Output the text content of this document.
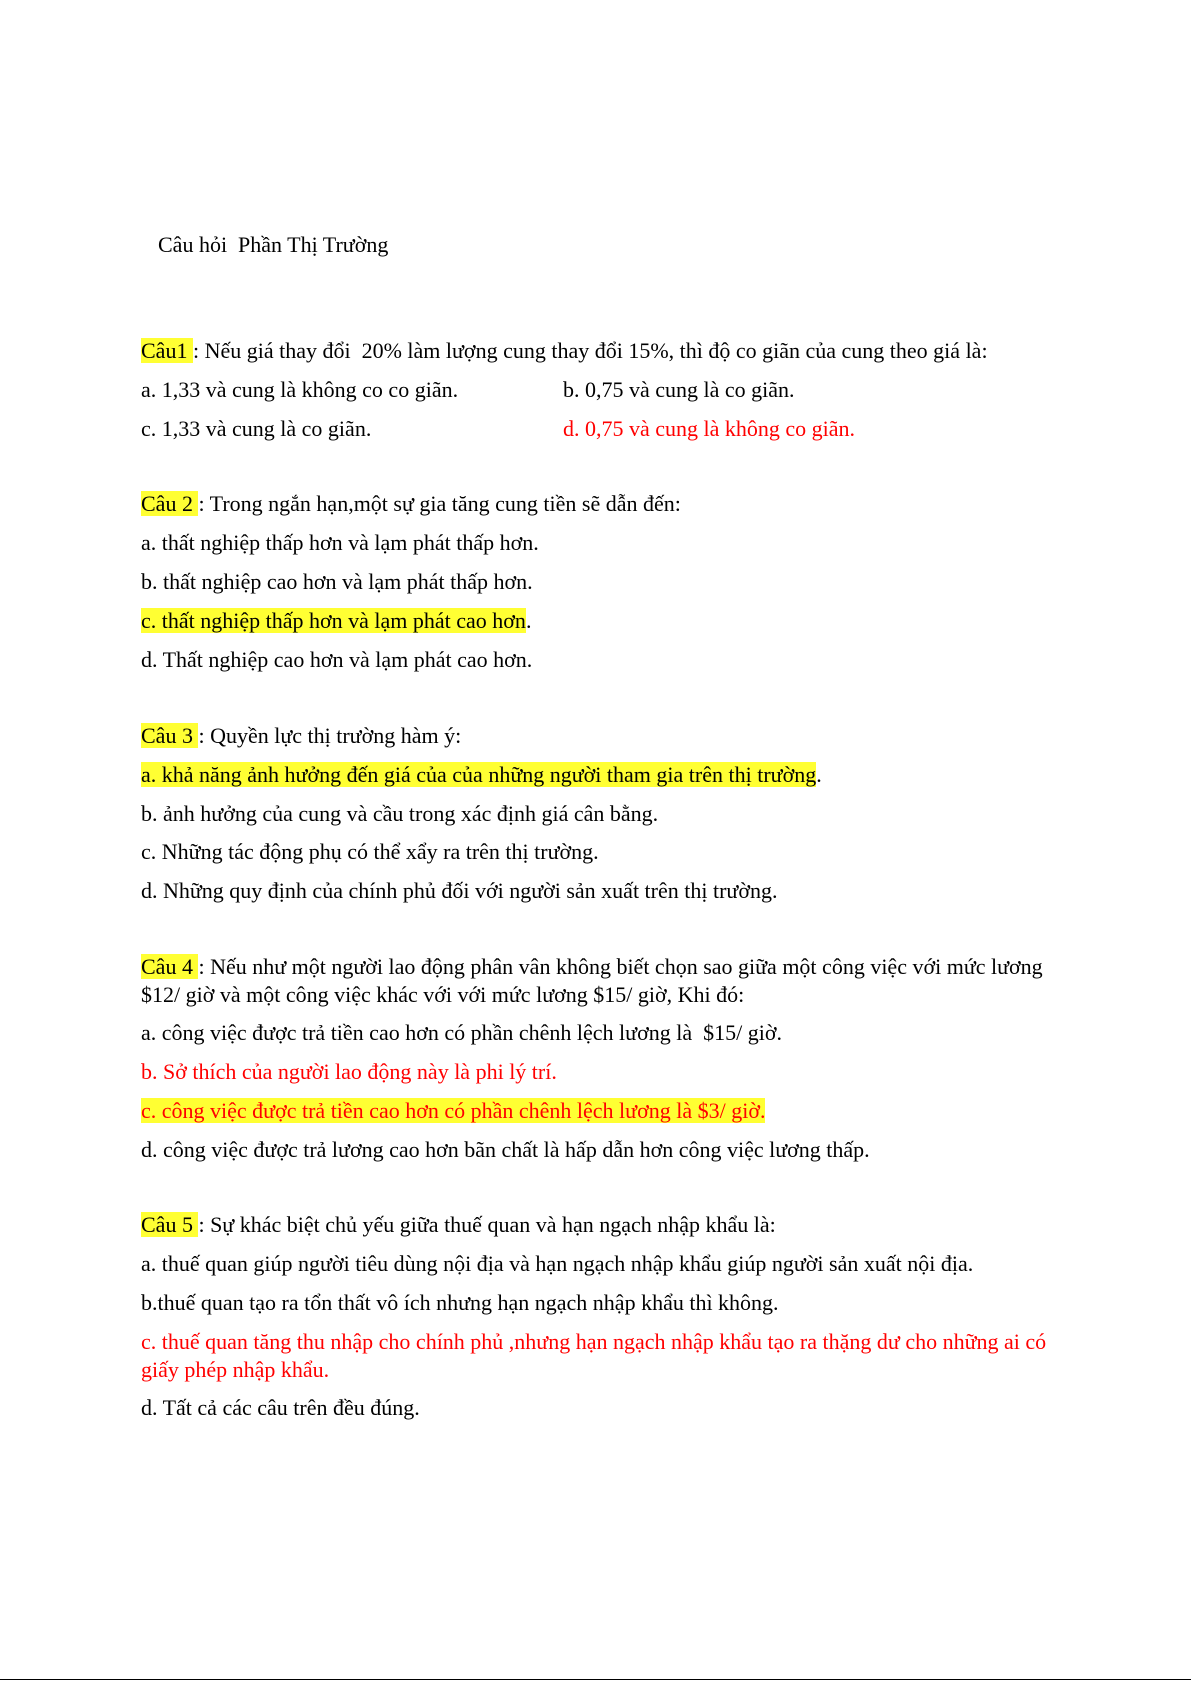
Câu hỏi  Phần Thị Trường
Câu1 : Nếu giá thay đổi  20% làm lượng cung thay đổi 15%, thì độ co giãn của cung theo giá là:
a. 1,33 và cung là không co co giãn.	b. 0,75 và cung là co giãn.
c. 1,33 và cung là co giãn.	d. 0,75 và cung là không co giãn.
Câu 2 : Trong ngắn hạn,một sự gia tăng cung tiền sẽ dẫn đến:
a. thất nghiệp thấp hơn và lạm phát thấp hơn.
b. thất nghiệp cao hơn và lạm phát thấp hơn.
c. thất nghiệp thấp hơn và lạm phát cao hơn.
d. Thất nghiệp cao hơn và lạm phát cao hơn.
Câu 3 : Quyền lực thị trường hàm ý:
a. khả năng ảnh hưởng đến giá của của những người tham gia trên thị trường.
b. ảnh hưởng của cung và cầu trong xác định giá cân bằng.
c. Những tác động phụ có thể xẩy ra trên thị trường.
d. Những quy định của chính phủ đối với người sản xuất trên thị trường.
Câu 4 : Nếu như một người lao động phân vân không biết chọn sao giữa một công việc với mức lương $12/ giờ và một công việc khác với với mức lương $15/ giờ, Khi đó:
a. công việc được trả tiền cao hơn có phần chênh lệch lương là  $15/ giờ.
b. Sở thích của người lao động này là phi lý trí.
c. công việc được trả tiền cao hơn có phần chênh lệch lương là $3/ giờ.
d. công việc được trả lương cao hơn bãn chất là hấp dẫn hơn công việc lương thấp.
Câu 5 : Sự khác biệt chủ yếu giữa thuế quan và hạn ngạch nhập khẩu là:
a. thuế quan giúp người tiêu dùng nội địa và hạn ngạch nhập khẩu giúp người sản xuất nội địa.
b.thuế quan tạo ra tổn thất vô ích nhưng hạn ngạch nhập khẩu thì không.
c. thuế quan tăng thu nhập cho chính phủ ,nhưng hạn ngạch nhập khẩu tạo ra thặng dư cho những ai có giấy phép nhập khẩu.
d. Tất cả các câu trên đều đúng.
